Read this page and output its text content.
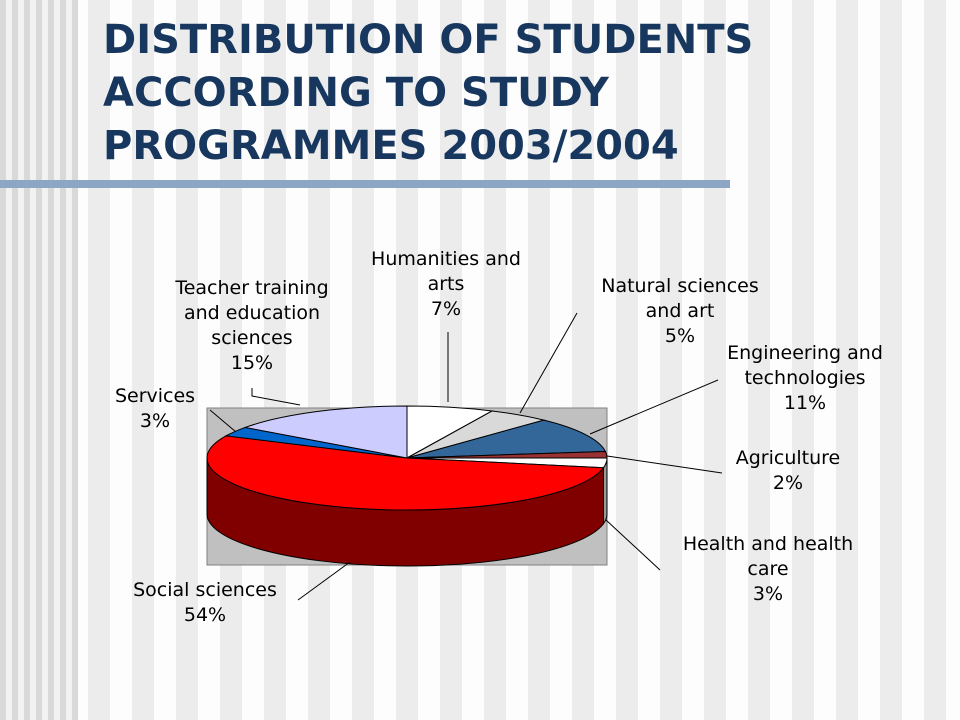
DISTRIBUTION OF STUDENTS
ACCORDING TO STUDY
PROGRAMMES 2003/2004
Humanities and arts 7%
Natural sciences and art 5%
Engineering and technologies 11%
Agriculture 2%
Health and health care 3%
Social sciences 54%
Services 3%
Teacher training and education sciences 15%
